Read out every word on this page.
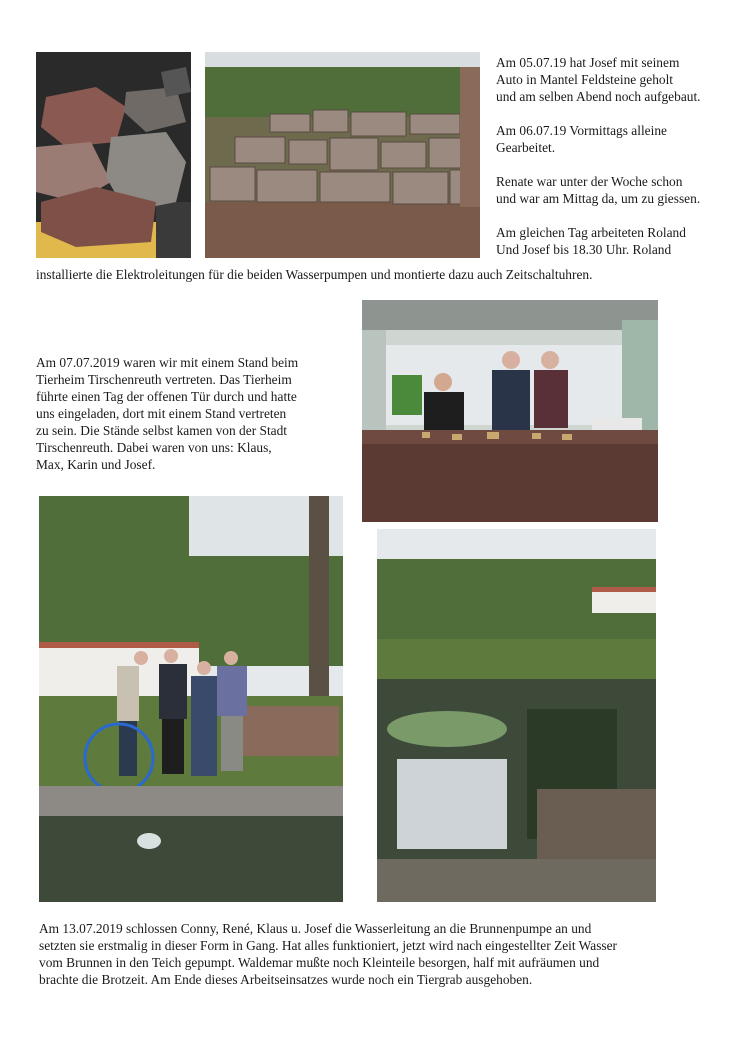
Am 05.07.19 hat Josef mit seinem
Auto in Mantel Feldsteine geholt
und am selben Abend noch aufgebaut.
Am 06.07.19 Vormittags alleine
Gearbeitet.
Renate war unter der Woche schon
und war am Mittag da, um zu giessen.
Am gleichen Tag arbeiteten Roland
Und Josef bis 18.30 Uhr. Roland
installierte die Elektroleitungen für die beiden Wasserpumpen und montierte dazu auch Zeitschaltuhren.
Am 07.07.2019 waren wir mit einem Stand beim
Tierheim Tirschenreuth vertreten. Das Tierheim
führte einen Tag der offenen Tür durch und hatte
uns eingeladen, dort mit einem Stand vertreten
zu sein. Die Stände selbst kamen von der Stadt
Tirschenreuth. Dabei waren von uns: Klaus,
Max, Karin und Josef.
Am 13.07.2019 schlossen Conny, René, Klaus u. Josef die Wasserleitung an die Brunnenpumpe an und
setzten sie erstmalig in dieser Form in Gang. Hat alles funktioniert, jetzt wird nach eingestellter Zeit Wasser
vom Brunnen in den Teich gepumpt. Waldemar mußte noch Kleinteile besorgen, half mit aufräumen und
brachte die Brotzeit. Am Ende dieses Arbeitseinsatzes wurde noch ein Tiergrab ausgehoben.
